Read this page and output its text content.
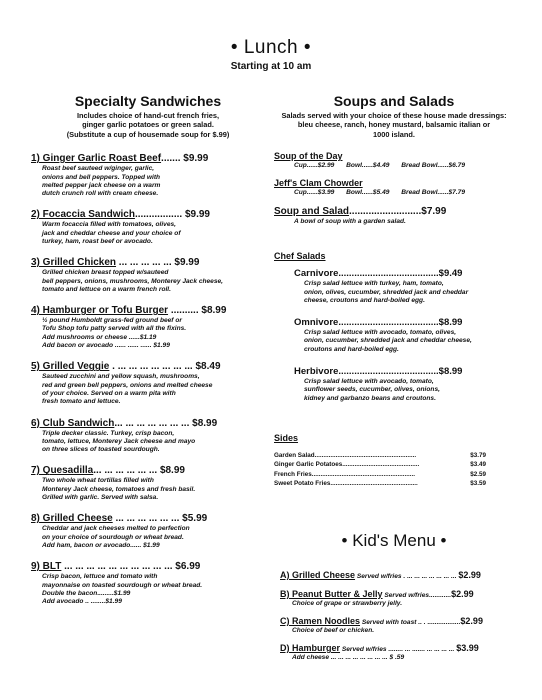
• Lunch •
Starting at 10 am
Specialty Sandwiches
Includes choice of hand-cut french fries,
ginger garlic potatoes or green salad.
(Substitute a cup of housemade soup for $.99)
1) Ginger Garlic Roast Beef....... $9.99
Roast beef sauteed w/ginger, garlic,
onions and bell peppers. Topped with
melted pepper jack cheese on a warm
dutch crunch roll with cream cheese.
2) Focaccia Sandwich................. $9.99
Warm focaccia filled with tomatoes, olives,
jack and cheddar cheese and your choice of
turkey, ham, roast beef or avocado.
3) Grilled Chicken ... ... ... ... ... $9.99
Grilled chicken breast topped w/sauteed
bell peppers, onions, mushrooms, Monterey Jack cheese,
tomato and lettuce on a warm french roll.
4) Hamburger or Tofu Burger .......... $8.99
½ pound Humboldt grass-fed ground beef or
Tofu Shop tofu patty served with all the fixins.
Add mushrooms or cheese ......$1.19
Add bacon or avocado ...... ...... ...... $1.99
5) Grilled Veggie . ... ... ... ... ... ... ... $8.49
Sauteed zucchini and yellow squash, mushrooms,
red and green bell peppers, onions and melted cheese
of your choice. Served on a warm pita with
fresh tomato and lettuce.
6) Club Sandwich... ... ... ... ... ... ... $8.99
Triple decker classic. Turkey, crisp bacon,
tomato, lettuce, Monterey Jack cheese and mayo
on three slices of toasted sourdough.
7) Quesadilla... ... ... ... ... ... $8.99
Two whole wheat tortillas filled with
Monterey Jack cheese, tomatoes and fresh basil.
Grilled with garlic. Served with salsa.
8) Grilled Cheese ... ... ... ... ... ... $5.99
Cheddar and jack cheeses melted to perfection
on your choice of sourdough or wheat bread.
Add ham, bacon or avocado...... $1.99
9) BLT ... ... ... ... ... ... ... ... ... ... $6.99
Crisp bacon, lettuce and tomato with
mayonnaise on toasted sourdough or wheat bread.
Double the bacon.........$1.99
Add avocado .. ........$1.99
Soups and Salads
Salads served with your choice of these house made dressings:
bleu cheese, ranch, honey mustard, balsamic italian or
1000 island.
Soup of the Day
Cup......$2.99 Bowl......$4.49 Bread Bowl......$6.79
Jeff's Clam Chowder
Cup......$3.99 Bowl......$5.49 Bread Bowl......$7.79
Soup and Salad..........................$7.99
A bowl of soup with a garden salad.
Chef Salads
Carnivore......................................$9.49
Crisp salad lettuce with turkey, ham, tomato,
onion, olives, cucumber, shredded jack and cheddar
cheese, croutons and hard-boiled egg.
Omnivore......................................$8.99
Crisp salad lettuce with avocado, tomato, olives,
onion, cucumber, shredded jack and cheddar cheese,
croutons and hard-boiled egg.
Herbivore......................................$8.99
Crisp salad lettuce with avocado, tomato,
sunflower seeds, cucumber, olives, onions,
kidney and garbanzo beans and croutons.
Sides
Garden Salad..........................................................	$3.79
Ginger Garlic Potatoes............................................	$3.49
French Fries...........................................................	$2.59
Sweet Potato Fries..................................................	$3.59
• Kid's Menu •
A) Grilled Cheese Served w/fries . ... ... ... ... ... ... ... $2.99
B) Peanut Butter & Jelly Served w/fries............$2.99
Choice of grape or strawberry jelly.
C) Ramen Noodles Served with toast .. . ..................$2.99
Choice of beef or chicken.
D) Hamburger Served w/fries ........ ... ....... ... ... ... ... $3.99
Add cheese ... ... ... ... ... ... ... ... $ .59
